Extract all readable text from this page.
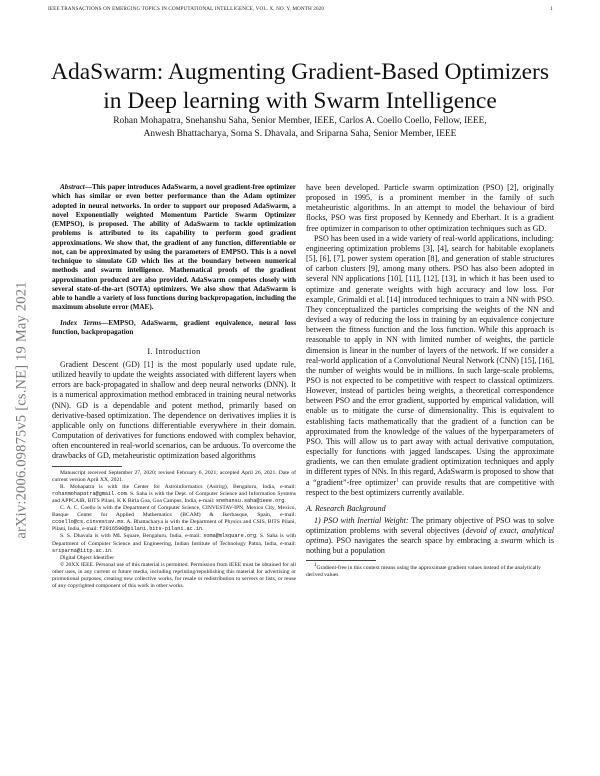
IEEE TRANSACTIONS ON EMERGING TOPICS IN COMPUTATIONAL INTELLIGENCE, VOL. X, NO. Y, MONTH 2020	1
AdaSwarm: Augmenting Gradient-Based Optimizers
in Deep learning with Swarm Intelligence
Rohan Mohapatra, Snehanshu Saha, Senior Member, IEEE, Carlos A. Coello Coello, Fellow, IEEE,
Anwesh Bhattacharya, Soma S. Dhavala, and Sriparna Saha, Senior Member, IEEE
arXiv:2006.09875v5 [cs.NE] 19 May 2021

Abstract—This paper introduces AdaSwarm, a novel gradient-free optimizer which has similar or even better performance than the Adam optimizer adopted in neural networks. In order to support our proposed AdaSwarm, a novel Exponentially weighted Momentum Particle Swarm Optimizer (EMPSO), is proposed. The ability of AdaSwarm to tackle optimization problems is attributed to its capability to perform good gradient approximations. We show that, the gradient of any function, differentiable or not, can be approximated by using the parameters of EMPSO. This is a novel technique to simulate GD which lies at the boundary between numerical methods and swarm intelligence. Mathematical proofs of the gradient approximation produced are also provided. AdaSwarm competes closely with several state-of-the-art (SOTA) optimizers. We also show that AdaSwarm is able to handle a variety of loss functions during backpropagation, including the maximum absolute error (MAE).

Index Terms—EMPSO, AdaSwarm, gradient equivalence, neural loss function, backpropagation

I. Introduction

Gradient Descent (GD) [1] is the most popularly used update rule, utilized heavily to update the weights associated with different layers when errors are back-propagated in shallow and deep neural networks (DNN). It is a numerical approximation method embraced in training neural networks (NN). GD is a dependable and potent method, primarily based on derivative-based optimization. The dependence on derivatives implies it is applicable only on functions differentiable everywhere in their domain. Computation of derivatives for functions endowed with complex behavior, often encountered in real-world scenarios, can be arduous. To overcome the drawbacks of GD, metaheuristic optimization based algorithms

Manuscript received September 27, 2020; revised February 6, 2021; accepted April 26, 2021. Date of current version April XX, 2021.

R. Mohapatra is with the Center for Astroinformatics (Astrirg), Bengaluru, India, e-mail: rohanmohapatra@gmail.com. S. Saha is with the Dept. of Computer Science and Information Systems and APPCAIR, BITS Pilani, K K Birla Goa, Goa Campus, India, e-mail: snehansu.saha@ieee.org.

C. A. C. Coello is with the Department of Computer Science, CINVESTAV-IPN, Mexico City, Mexico, Basque Center for Applied Mathematics (BCAM) & Ikerbasque, Spain, e-mail: ccoello@cs.cinvestav.mx. A. Bhattacharya is with the Department of Physics and CSIS, BITS Pilani, Pilani, India, e-mail: f2016590@pilani.bits-pilani.ac.in.

S. S. Dhavala is with ML Square, Bengaluru, India, e-mail: soma@mlsquare.org. S. Saha is with Department of Computer Science and Engineering, Indian Institute of Technology Patna, India, e-mail: sriparna@iitp.ac.in.

Digital Object Identifier

© 20XX IEEE. Personal use of this material is permitted. Permission from IEEE must be obtained for all other uses, in any current or future media, including reprinting/republishing this material for advertising or promotional purposes, creating new collective works, for resale or redistribution to servers or lists, or reuse of any copyrighted component of this work in other works.

have been developed. Particle swarm optimization (PSO) [2], originally proposed in 1995, is a prominent member in the family of such metaheuristic algorithms. In an attempt to model the behaviour of bird flocks, PSO was first proposed by Kennedy and Eberhart. It is a gradient free optimizer in comparison to other optimization techniques such as GD.

PSO has been used in a wide variety of real-world applications, including: engineering optimization problems [3], [4], search for habitable exoplanets [5], [6], [7], power system operation [8], and generation of stable structures of carbon clusters [9], among many others. PSO has also been adopted in several NN applications [10], [11], [12], [13], in which it has been used to optimize and generate weights with high accuracy and low loss. For example, Grimaldi et al. [14] introduced techniques to train a NN with PSO. They conceptualized the particles comprising the weights of the NN and devised a way of reducing the loss in training by an equivalence conjecture between the fitness function and the loss function. While this approach is reasonable to apply in NN with limited number of weights, the particle dimension is linear in the number of layers of the network. If we consider a real-world application of a Convolutional Neural Network (CNN) [15], [16], the number of weights would be in millions. In such large-scale problems, PSO is not expected to be competitive with respect to classical optimizers. However, instead of particles being weights, a theoretical correspondence between PSO and the error gradient, supported by empirical validation, will enable us to mitigate the curse of dimensionality. This is equivalent to establishing facts mathematically that the gradient of a function can be approximated from the knowledge of the values of the hyperparameters of PSO. This will allow us to part away with actual derivative computation, especially for functions with jagged landscapes. Using the approximate gradients, we can then emulate gradient optimization techniques and apply in different types of NNs. In this regard, AdaSwarm is proposed to show that a “gradient”-free optimizer$^1$ can provide results that are competitive with respect to the best optimizers currently available.

A. Research Background

1) PSO with Inertial Weight: The primary objective of PSO was to solve optimization problems with several objectives (devoid of exact, analytical optima). PSO navigates the search space by embracing a swarm which is nothing but a population

$^1$Gradient-free in this context means using the approximate gradient values instead of the analytically derived values
